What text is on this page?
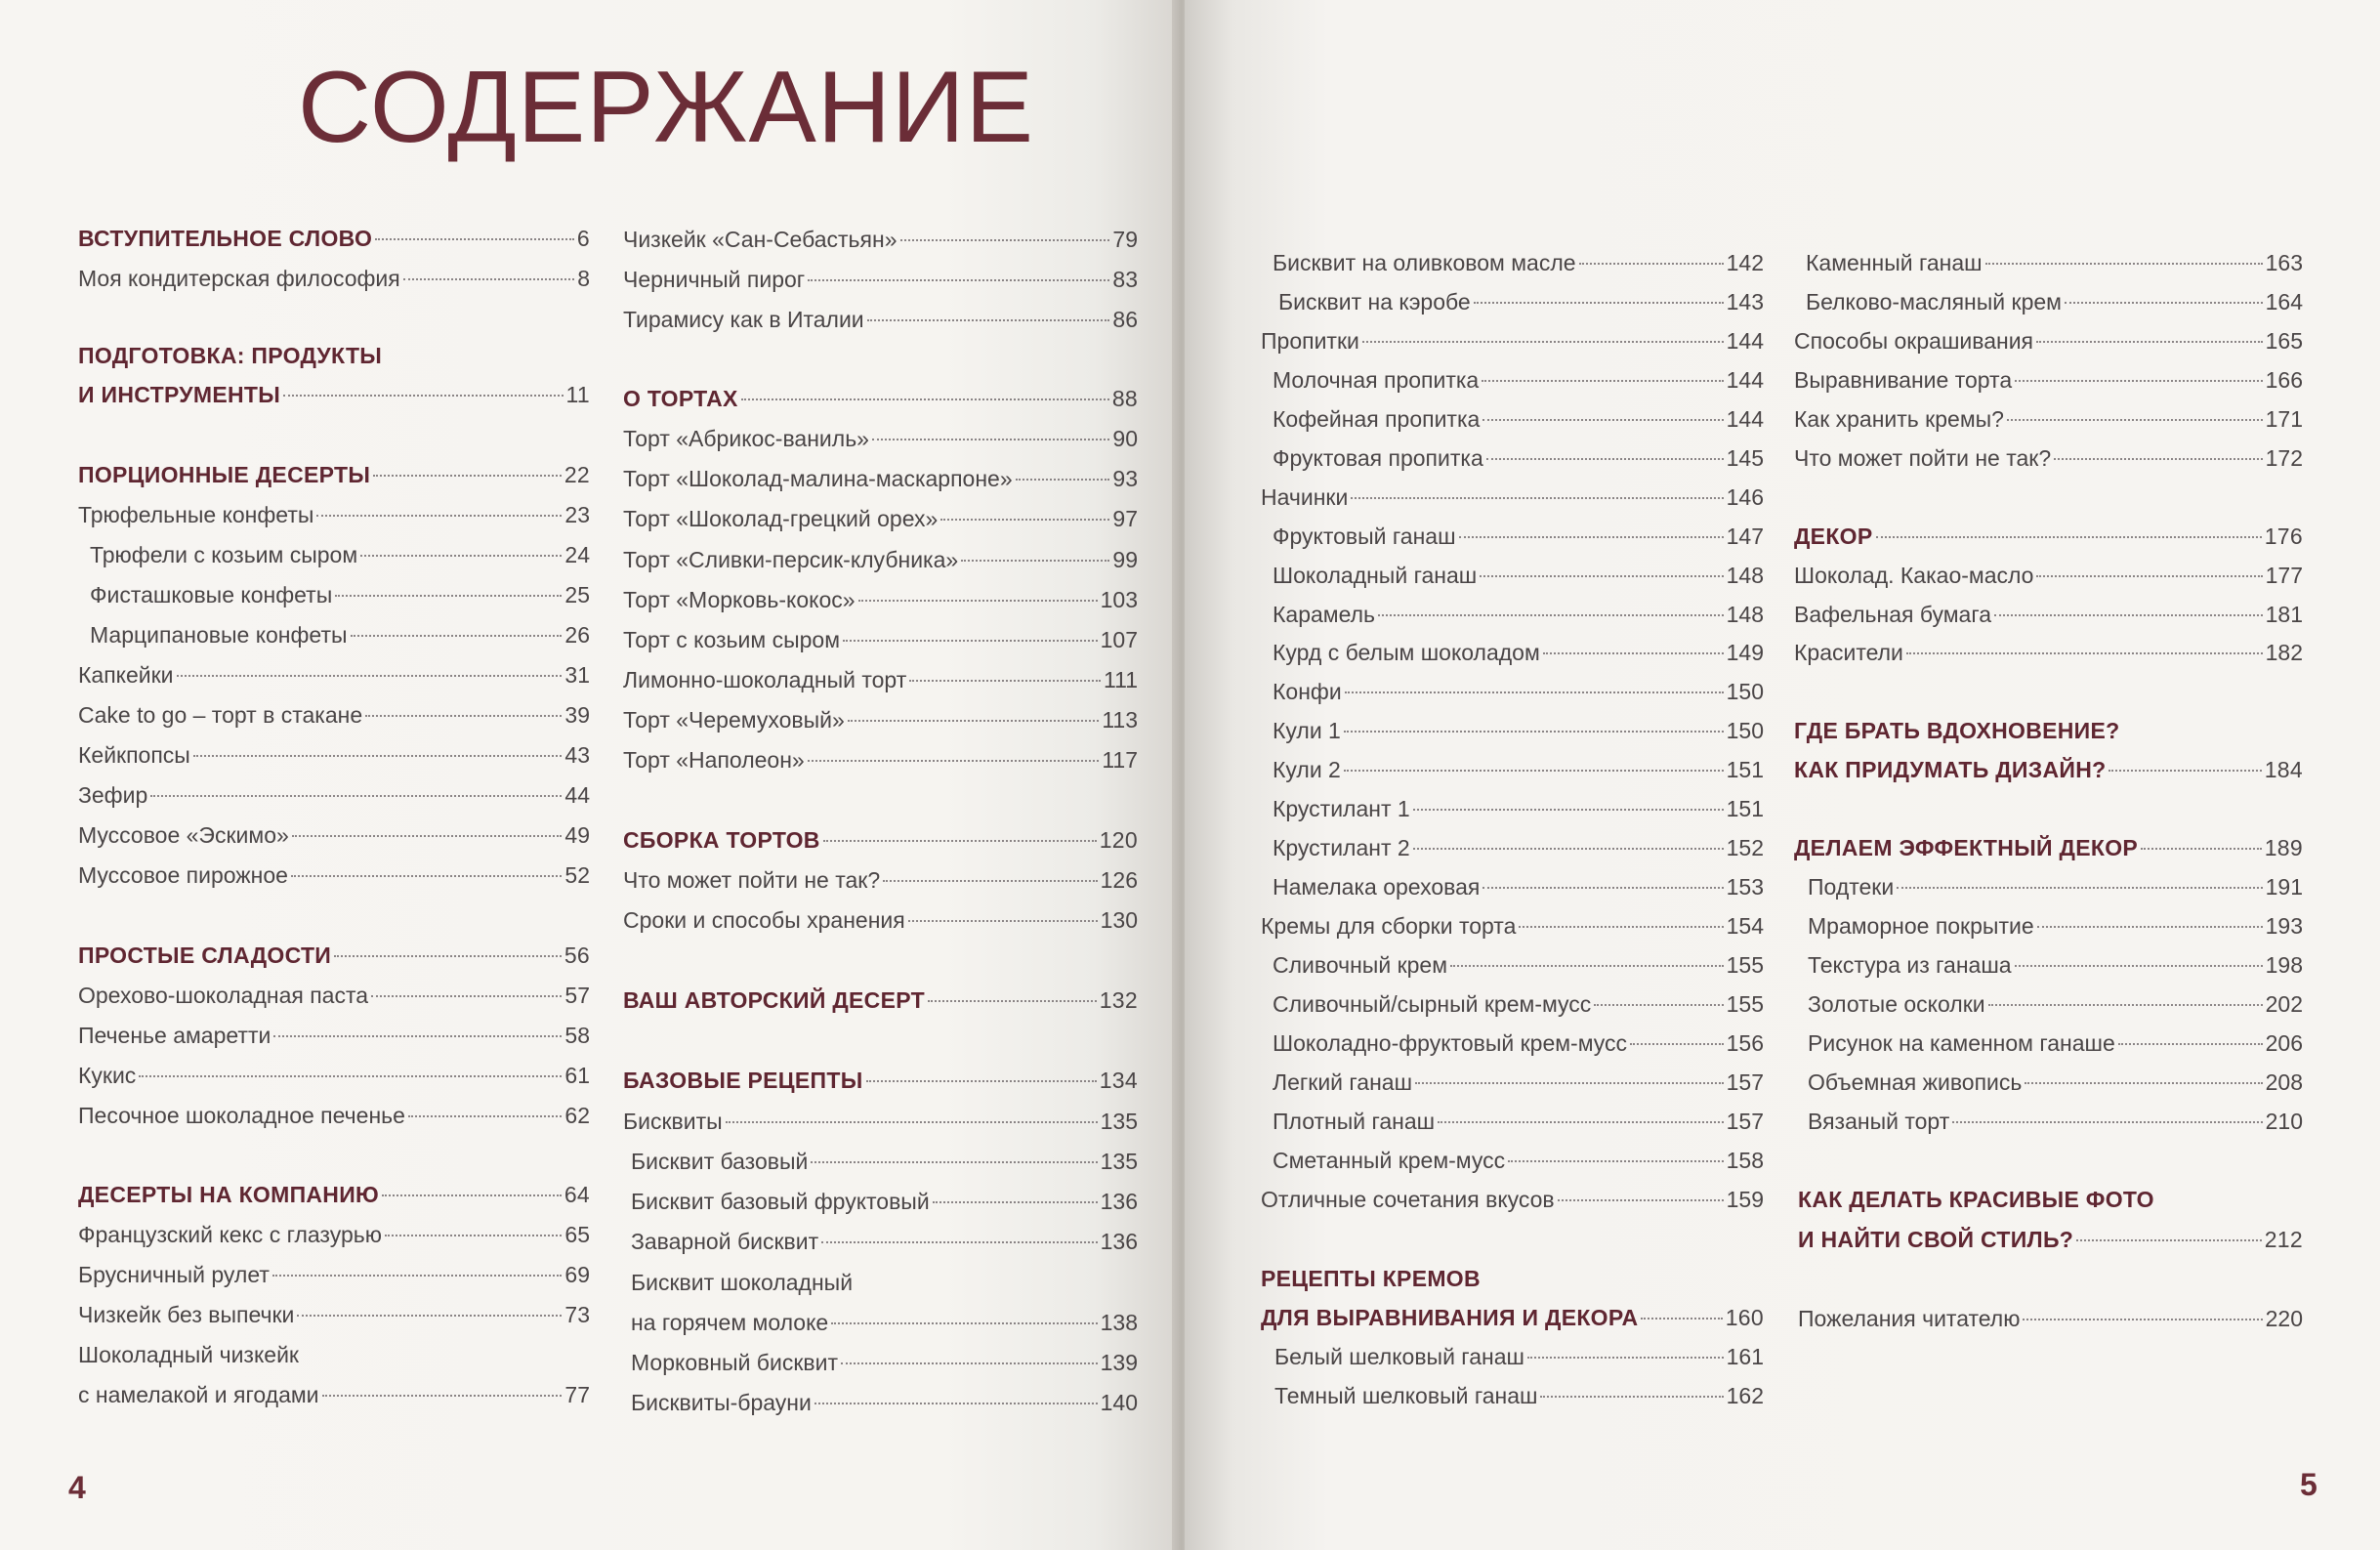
СОДЕРЖАНИЕ
ВСТУПИТЕЛЬНОЕ СЛОВО	6
Моя кондитерская философия	8
ПОДГОТОВКА: ПРОДУКТЫ
И ИНСТРУМЕНТЫ	11
ПОРЦИОННЫЕ ДЕСЕРТЫ	22
Трюфельные конфеты	23
Трюфели с козьим сыром	24
Фисташковые конфеты	25
Марципановые конфеты	26
Капкейки	31
Cake to go – торт в стакане	39
Кейкпопсы	43
Зефир	44
Муссовое «Эскимо»	49
Муссовое пирожное	52
ПРОСТЫЕ СЛАДОСТИ	56
Орехово-шоколадная паста	57
Печенье амаретти	58
Кукис	61
Песочное шоколадное печенье	62
ДЕСЕРТЫ НА КОМПАНИЮ	64
Французский кекс с глазурью	65
Брусничный рулет	69
Чизкейк без выпечки	73
Шоколадный чизкейк
с намелакой и ягодами	77
Чизкейк «Сан-Себастьян»	79
Черничный пирог	83
Тирамису как в Италии	86
О ТОРТАХ	88
Торт «Абрикос-ваниль»	90
Торт «Шоколад-малина-маскарпоне»	93
Торт «Шоколад-грецкий орех»	97
Торт «Сливки-персик-клубника»	99
Торт «Морковь-кокос»	103
Торт с козьим сыром	107
Лимонно-шоколадный торт	111
Торт «Черемуховый»	113
Торт «Наполеон»	117
СБОРКА ТОРТОВ	120
Что может пойти не так?	126
Сроки и способы хранения	130
ВАШ АВТОРСКИЙ ДЕСЕРТ	132
БАЗОВЫЕ РЕЦЕПТЫ	134
Бисквиты	135
Бисквит базовый	135
Бисквит базовый фруктовый	136
Заварной бисквит	136
Бисквит шоколадный
на горячем молоке	138
Морковный бисквит	139
Бисквиты-брауни	140
4
Бисквит на оливковом масле	142
Бисквит на кэробе	143
Пропитки	144
Молочная пропитка	144
Кофейная пропитка	144
Фруктовая пропитка	145
Начинки	146
Фруктовый ганаш	147
Шоколадный ганаш	148
Карамель	148
Курд с белым шоколадом	149
Конфи	150
Кули 1	150
Кули 2	151
Крустилант 1	151
Крустилант 2	152
Намелака ореховая	153
Кремы для сборки торта	154
Сливочный крем	155
Сливочный/сырный крем-мусс	155
Шоколадно-фруктовый крем-мусс	156
Легкий ганаш	157
Плотный ганаш	157
Сметанный крем-мусс	158
Отличные сочетания вкусов	159
РЕЦЕПТЫ КРЕМОВ
ДЛЯ ВЫРАВНИВАНИЯ И ДЕКОРА	160
Белый шелковый ганаш	161
Темный шелковый ганаш	162
Каменный ганаш	163
Белково-масляный крем	164
Способы окрашивания	165
Выравнивание торта	166
Как хранить кремы?	171
Что может пойти не так?	172
ДЕКОР	176
Шоколад. Какао-масло	177
Вафельная бумага	181
Красители	182
ГДЕ БРАТЬ ВДОХНОВЕНИЕ?
КАК ПРИДУМАТЬ ДИЗАЙН?	184
ДЕЛАЕМ ЭФФЕКТНЫЙ ДЕКОР	189
Подтеки	191
Мраморное покрытие	193
Текстура из ганаша	198
Золотые осколки	202
Рисунок на каменном ганаше	206
Объемная живопись	208
Вязаный торт	210
КАК ДЕЛАТЬ КРАСИВЫЕ ФОТО
И НАЙТИ СВОЙ СТИЛЬ?	212
Пожелания читателю	220
5
